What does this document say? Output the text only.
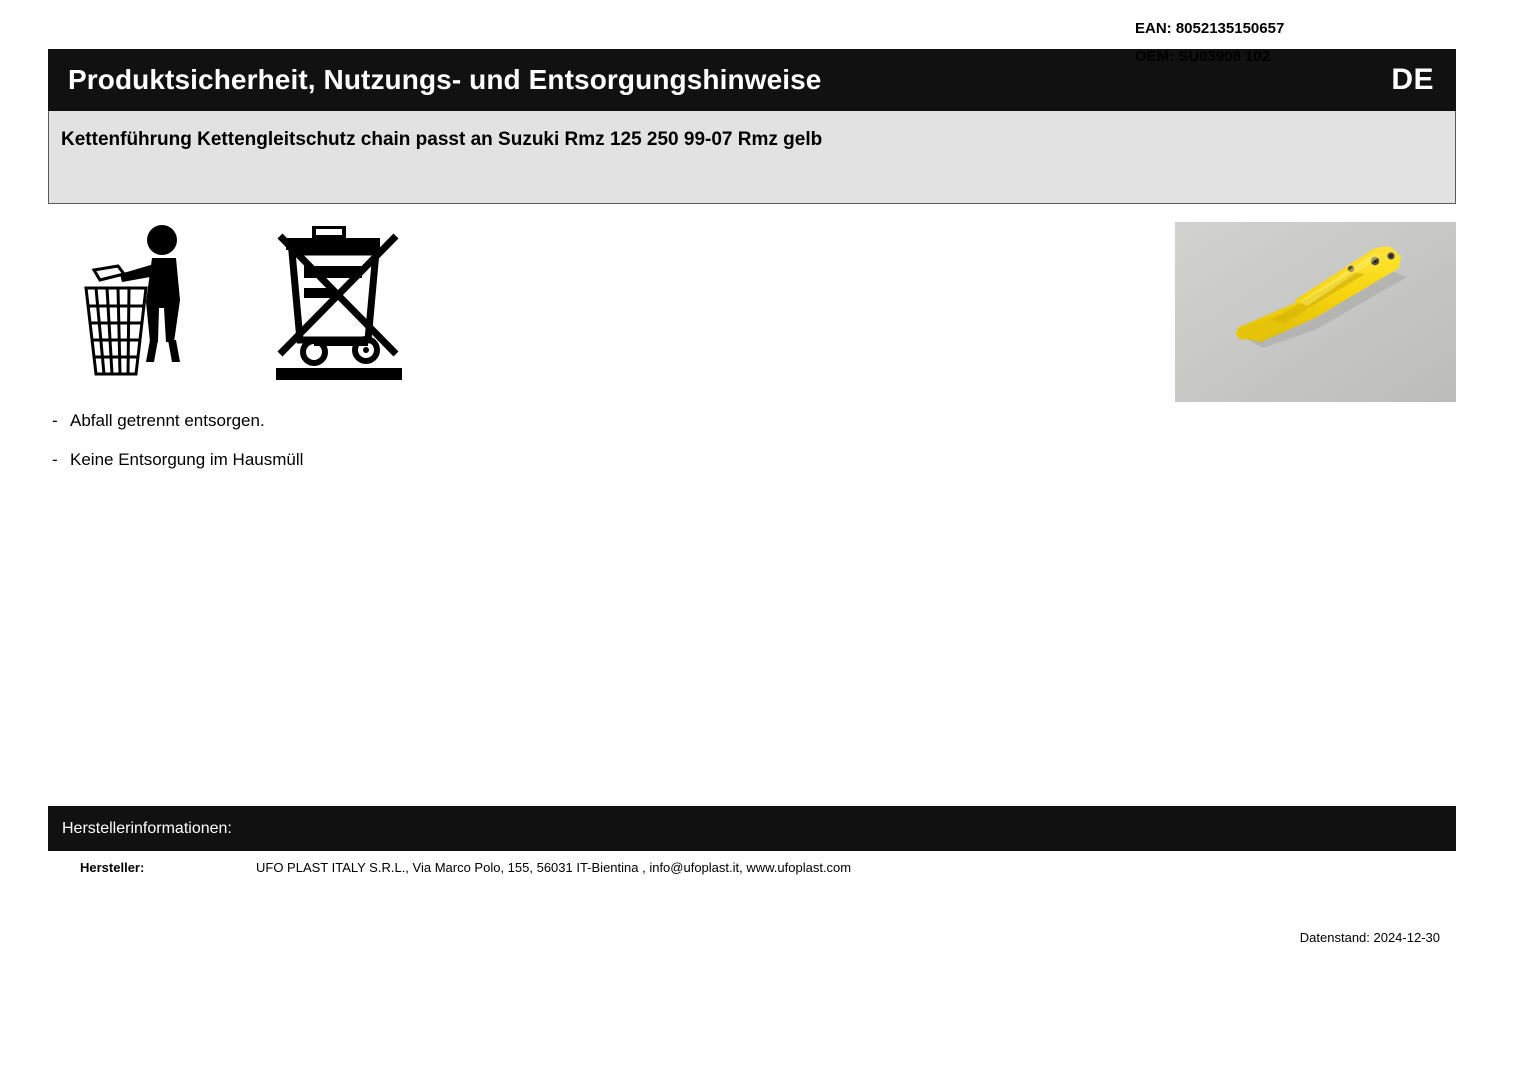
Produktsicherheit, Nutzungs- und Entsorgungshinweise	DE
Kettenführung Kettengleitschutz chain passt an Suzuki Rmz 125 250 99-07 Rmz gelb
EAN: 8052135150657
OEM: SU03908 102
- Abfall getrennt entsorgen.
- Keine Entsorgung im Hausmüll
Herstellerinformationen:
Hersteller:	UFO PLAST ITALY S.R.L., Via Marco Polo, 155, 56031 IT-Bientina , info@ufoplast.it, www.ufoplast.com
Datenstand: 2024-12-30
